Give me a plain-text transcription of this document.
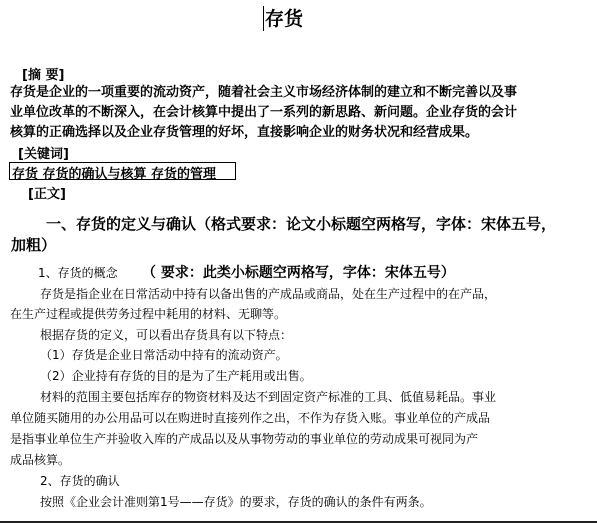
存货
[摘 要]
存货是企业的一项重要的流动资产，随着社会主义市场经济体制的建立和不断完善以及事
业单位改革的不断深入，在会计核算中提出了一系列的新思路、新问题。企业存货的会计
核算的正确选择以及企业存货管理的好坏，直接影响企业的财务状况和经营成果。
[关键词]
存货 存货的确认与核算 存货的管理
[正文]
一、存货的定义与确认（格式要求：论文小标题空两格写，字体：宋体五号，
加粗）
1、存货的概念 （ 要求：此类小标题空两格写，字体：宋体五号）
存货是指企业在日常活动中持有以备出售的产成品或商品，处在生产过程中的在产品，
在生产过程或提供劳务过程中耗用的材料、无聊等。
根据存货的定义，可以看出存货具有以下特点：
（1）存货是企业日常活动中持有的流动资产。
（2）企业持有存货的目的是为了生产耗用或出售。
材料的范围主要包括库存的物资材料及达不到固定资产标准的工具、低值易耗品。事业
单位随买随用的办公用品可以在购进时直接列作之出，不作为存货入账。事业单位的产成品
是指事业单位生产并验收入库的产成品以及从事物劳动的事业单位的劳动成果可视同为产
成品核算。
2、存货的确认
按照《企业会计准则第1号——存货》的要求，存货的确认的条件有两条。
